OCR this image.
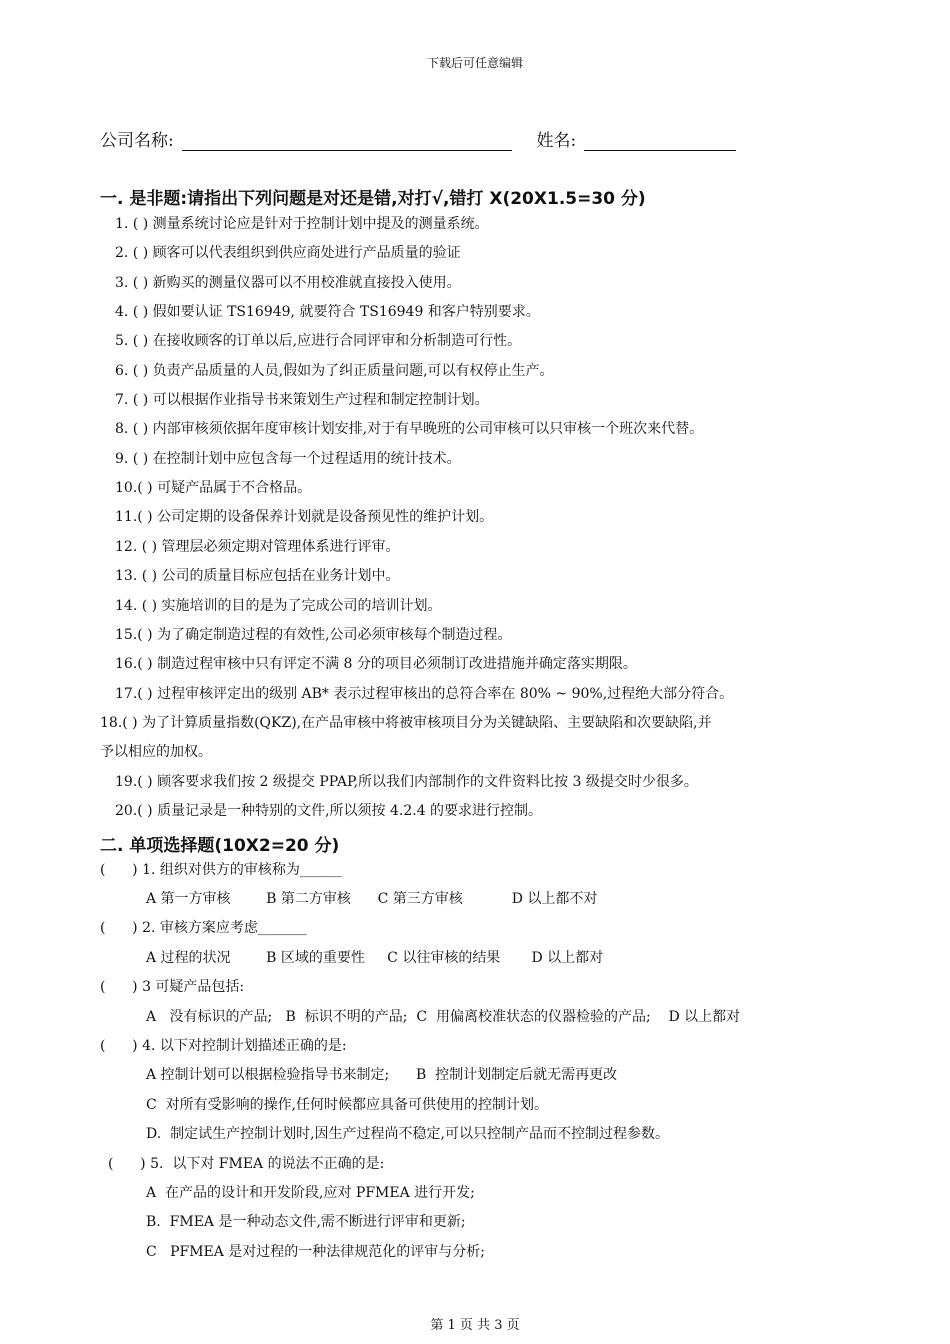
下载后可任意编辑
公司名称:	姓名:
一. 是非题:请指出下列问题是对还是错,对打√,错打 X(20X1.5=30 分)
1. ( ) 测量系统讨论应是针对于控制计划中提及的测量系统。
2. ( ) 顾客可以代表组织到供应商处进行产品质量的验证
3. ( ) 新购买的测量仪器可以不用校准就直接投入使用。
4. ( ) 假如要认证 TS16949, 就要符合 TS16949 和客户特别要求。
5. ( ) 在接收顾客的订单以后,应进行合同评审和分析制造可行性。
6. ( ) 负责产品质量的人员,假如为了纠正质量问题,可以有权停止生产。
7. ( ) 可以根据作业指导书来策划生产过程和制定控制计划。
8. ( ) 内部审核须依据年度审核计划安排,对于有早晚班的公司审核可以只审核一个班次来代替。
9. ( ) 在控制计划中应包含每一个过程适用的统计技术。
10.( ) 可疑产品属于不合格品。
11.( ) 公司定期的设备保养计划就是设备预见性的维护计划。
12. ( ) 管理层必须定期对管理体系进行评审。
13. ( ) 公司的质量目标应包括在业务计划中。
14. ( ) 实施培训的目的是为了完成公司的培训计划。
15.( ) 为了确定制造过程的有效性,公司必须审核每个制造过程。
16.( ) 制造过程审核中只有评定不满 8 分的项目必须制订改进措施并确定落实期限。
17.( ) 过程审核评定出的级别 AB* 表示过程审核出的总符合率在 80% ~ 90%,过程绝大部分符合。
18.( ) 为了计算质量指数(QKZ),在产品审核中将被审核项目分为关键缺陷、主要缺陷和次要缺陷,并
予以相应的加权。
19.( ) 顾客要求我们按 2 级提交 PPAP,所以我们内部制作的文件资料比按 3 级提交时少很多。
20.( ) 质量记录是一种特别的文件,所以须按 4.2.4 的要求进行控制。
二. 单项选择题(10X2=20 分)
(      ) 1. 组织对供方的审核称为______
A 第一方审核        B 第二方审核      C 第三方审核           D 以上都不对
(      ) 2. 审核方案应考虑_______
A 过程的状况        B 区域的重要性     C 以往审核的结果       D 以上都对
(      ) 3 可疑产品包括:
A   没有标识的产品;   B  标识不明的产品;  C  用偏离校准状态的仪器检验的产品;    D 以上都对
(      ) 4. 以下对控制计划描述正确的是:
A 控制计划可以根据检验指导书来制定;      B  控制计划制定后就无需再更改
C  对所有受影响的操作,任何时候都应具备可供使用的控制计划。
D.  制定试生产控制计划时,因生产过程尚不稳定,可以只控制产品而不控制过程参数。
(      ) 5.  以下对 FMEA 的说法不正确的是:
A  在产品的设计和开发阶段,应对 PFMEA 进行开发;
B.  FMEA 是一种动态文件,需不断进行评审和更新;
C   PFMEA 是对过程的一种法律规范化的评审与分析;
第 1 页 共 3 页
